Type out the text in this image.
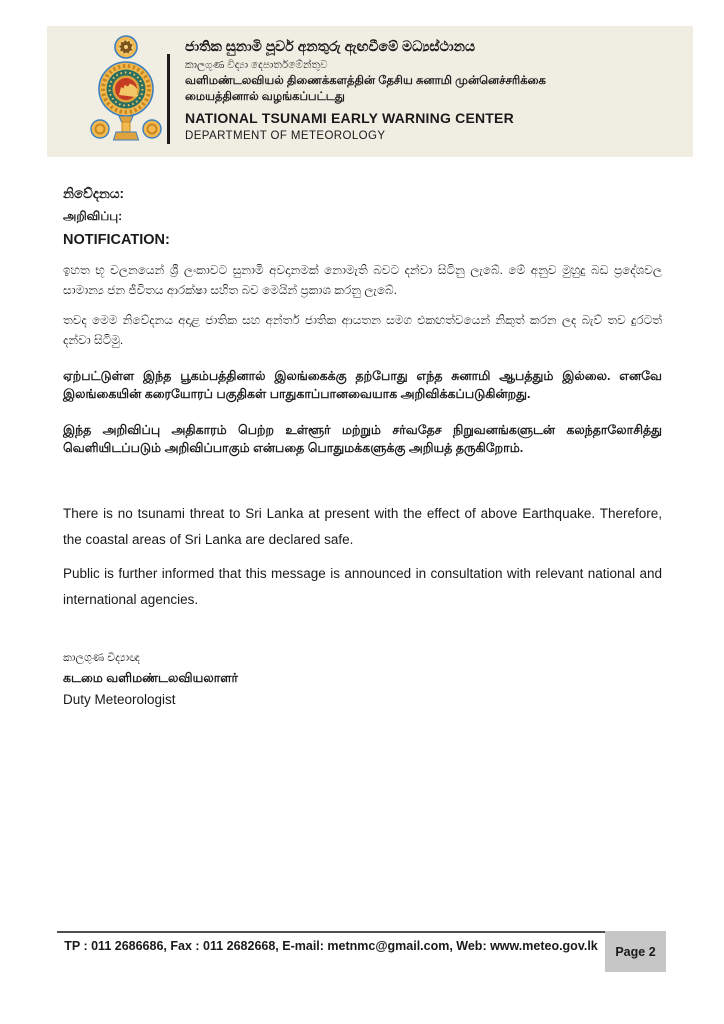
ජාතික සුනාමි පූර්ව අනතුරු ඇඟවීමේ මධ්‍යස්ථානය
කාලගුණ විද්‍යා දෙපාර්තමේන්තුව
வளிமண்டலவியல் திணைக்களத்தின் தேசிய சுனாமி முன்னெச்சரிக்கை
மையத்தினால் வழங்கப்பட்டது
NATIONAL TSUNAMI EARLY WARNING CENTER
DEPARTMENT OF METEOROLOGY
නිවේදනය:
அறிவிப்பு:
NOTIFICATION:
ඉහත භූ චලනයෙන් ශ්‍රී ලංකාවට සුනාමි අවදානමක් නොමැති බවට දන්වා සිටිනු ලැබේ. මේ අනුව මුහුදු බඩ ප්‍රදේශවල සාමාන්‍ය ජන ජීවිතය ආරක්ෂා සහිත බව මෙයින් ප්‍රකාශ කරනු ලැබේ.
තවද මෙම නිවේදනය අදාළ ජාතික සහ අන්තර් ජාතික ආයතන සමග එකඟත්වයෙන් නිකුත් කරන ලද බැව් තව දුරටත් දන්වා සිටිමු.
ஏற்பட்டுள்ள இந்த பூகம்பத்தினால் இலங்கைக்கு தற்போது எந்த சுனாமி ஆபத்தும் இல்லை. எனவே இலங்கையின் கரையோரப் பகுதிகள் பாதுகாப்பானவையாக அறிவிக்கப்படுகின்றது.
இந்த அறிவிப்பு அதிகாரம் பெற்ற உள்ளூர் மற்றும் சர்வதேச நிறுவனங்களுடன் கலந்தாலோசித்து வெளியிடப்படும் அறிவிப்பாகும் என்பதை பொதுமக்களுக்கு அறியத் தருகிறோம்.
There is no tsunami threat to Sri Lanka at present with the effect of above Earthquake. Therefore, the coastal areas of Sri Lanka are declared safe.
Public is further informed that this message is announced in consultation with relevant national and international agencies.
කාලගුණ විද්‍යාඥ
கடமை வளிமண்டலவியலாளர்
Duty Meteorologist
TP : 011 2686686, Fax : 011 2682668, E-mail: metnmc@gmail.com, Web: www.meteo.gov.lk	Page 2
